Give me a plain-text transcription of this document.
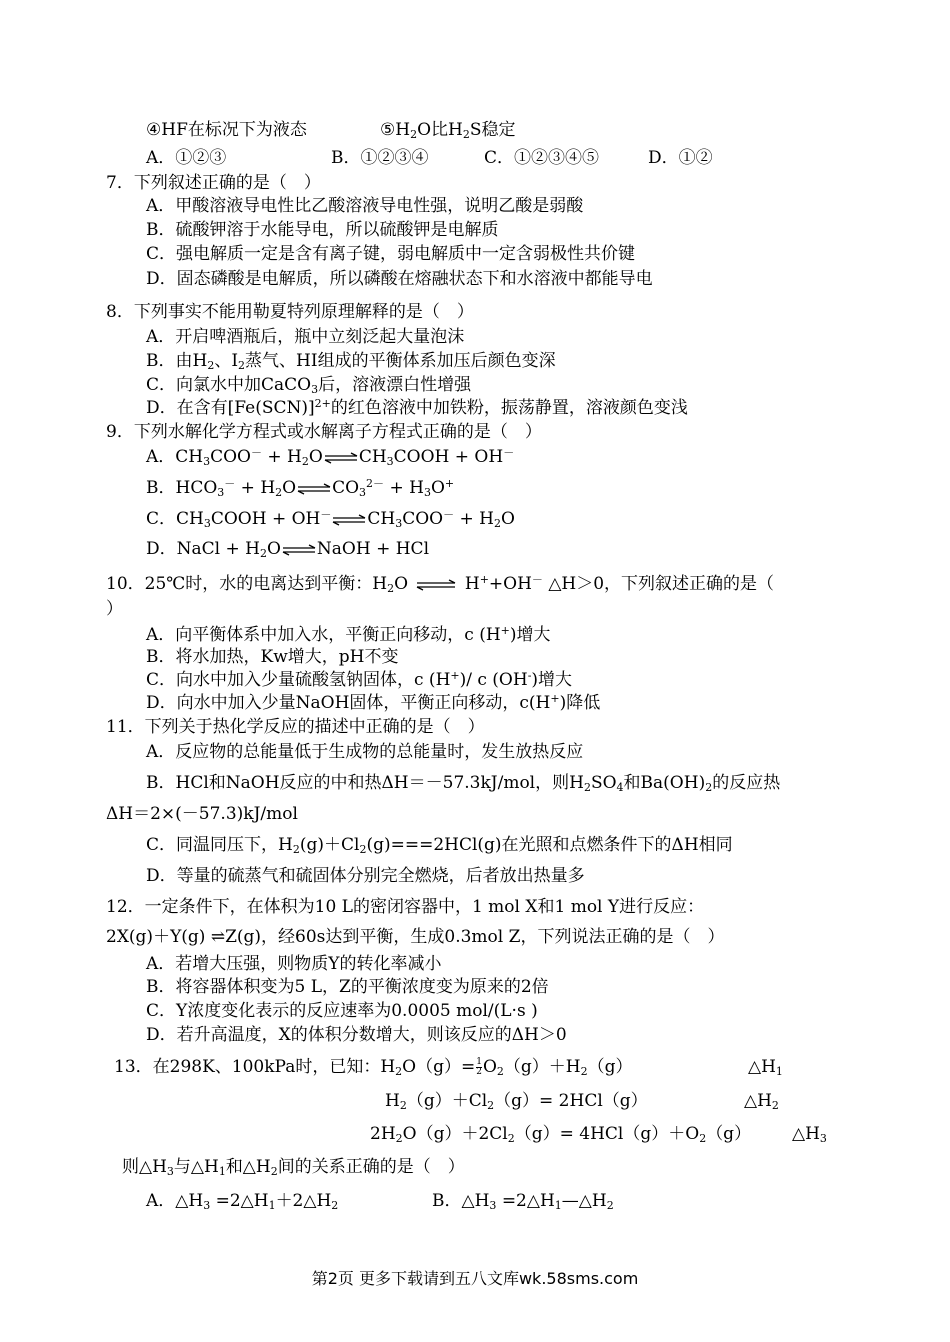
④HF在标况下为液态	$⑤H_2O$比$H_2S$稳定
A．①②③	B．①②③④	C．①②③④⑤	D．①②
7．下列叙述正确的是（　）
A．甲酸溶液导电性比乙酸溶液导电性强，说明乙酸是弱酸
B．硫酸钾溶于水能导电，所以硫酸钾是电解质
C．强电解质一定是含有离子键，弱电解质中一定含弱极性共价键
D．固态磷酸是电解质，所以磷酸在熔融状态下和水溶液中都能导电
8．下列事实不能用勒夏特列原理解释的是（　）
A．开启啤酒瓶后，瓶中立刻泛起大量泡沫
B．由$H_2$、$I_2$蒸气、HI组成的平衡体系加压后颜色变深
C．向氯水中加CaCO$_3$后，溶液漂白性增强
D．在含有$[Fe(SCN)]^{2+}$的红色溶液中加铁粉，振荡静置，溶液颜色变浅
9．下列水解化学方程式或水解离子方程式正确的是（　）
A．$CH_3COO^-$ + $H_2O\rightleftharpoons CH_3COOH + OH^-$
B．$HCO_3^-$ + $H_2O\rightleftharpoons CO_3^{2-} + H_3O^+$
C．$CH_3COOH$ + $OH^-\rightleftharpoons CH_3COO^- + H_2O$
D．NaCl + $H_2O\rightleftharpoons NaOH$ + HCl
10．25℃时，水的电离达到平衡：$H_2O$ ⇌ H++OH－ △H＞0，下列叙述正确的是（
）
A．向平衡体系中加入水，平衡正向移动，c (H+)增大
B．将水加热，Kw增大，pH不变
C．向水中加入少量硫酸氢钠固体，c (H+)/ c (OH-)增大
D．向水中加入少量NaOH固体，平衡正向移动，c(H+)降低
11．下列关于热化学反应的描述中正确的是（　）
A．反应物的总能量低于生成物的总能量时，发生放热反应
B．HCl和NaOH反应的中和热ΔH＝－57.3kJ/mol，则$H_2SO_4$和$Ba(OH)_2$的反应热
ΔH＝2×(－57.3)kJ/mol
C．同温同压下，$H_2(g)+Cl_2(g)===2HCl(g)$在光照和点燃条件下的ΔH相同
D．等量的硫蒸气和硫固体分别完全燃烧，后者放出热量多
12．一定条件下，在体积为10 L的密闭容器中，1 mol X和1 mol Y进行反应：
2X(g)＋Y(g) ⇌Z(g)，经60s达到平衡，生成0.3mol Z，下列说法正确的是（　）
A．若增大压强，则物质Y的转化率减小
B．将容器体积变为5 L，Z的平衡浓度变为原来的2倍
C．Y浓度变化表示的反应速率为0.0005 mol/(L·s )
D．若升高温度，X的体积分数增大，则该反应的ΔH＞0
13．在298K、100kPa时，已知：$H_2O(g)= \frac{1}{2} O_2(g)+H_2(g)$	$\triangle H_1$
$H_2(g)+Cl_2(g)= 2HCl(g)$	$\triangle H_2$
$2H_2O(g)+2Cl_2(g)= 4HCl(g)+O_2(g)$ $\triangle H_3$
则$\triangle H_3$与$\triangle H_1$和$\triangle H_2$间的关系正确的是（　）
A．$\triangle H_3$ $=2\triangle H_1+2\triangle H_2$	B．$\triangle H_3$ $=2\triangle H_1—\triangle H_2$
第2页 更多下载请到五八文库wk.58sms.com
